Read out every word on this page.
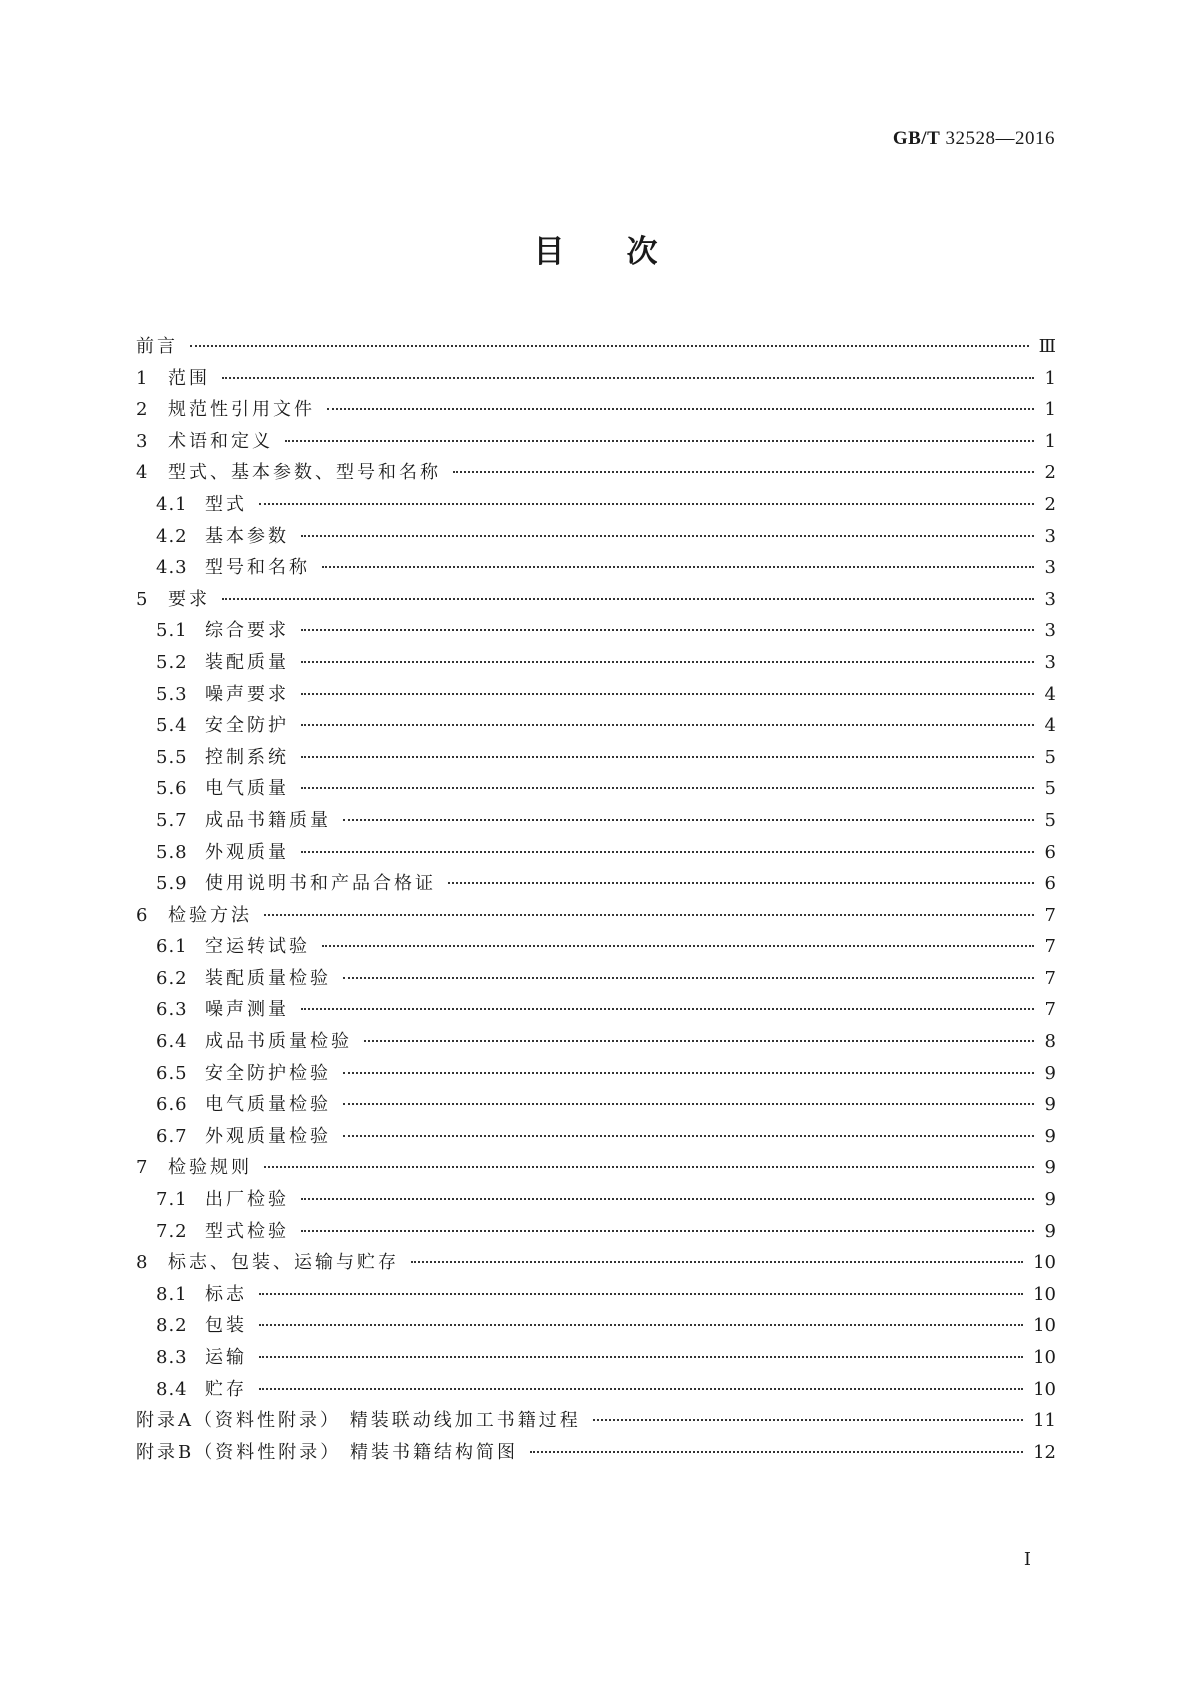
GB/T 32528—2016
目次
前言	Ⅲ
1	范围	1
2	规范性引用文件	1
3	术语和定义	1
4	型式、基本参数、型号和名称	2
4.1 型式	2
4.2 基本参数	3
4.3 型号和名称	3
5	要求	3
5.1 综合要求	3
5.2 装配质量	3
5.3 噪声要求	4
5.4 安全防护	4
5.5 控制系统	5
5.6 电气质量	5
5.7 成品书籍质量	5
5.8 外观质量	6
5.9 使用说明书和产品合格证	6
6	检验方法	7
6.1 空运转试验	7
6.2 装配质量检验	7
6.3 噪声测量	7
6.4 成品书质量检验	8
6.5 安全防护检验	9
6.6 电气质量检验	9
6.7 外观质量检验	9
7	检验规则	9
7.1 出厂检验	9
7.2 型式检验	9
8	标志、包装、运输与贮存	10
8.1 标志	10
8.2 包装	10
8.3 运输	10
8.4 贮存	10
附录A（资料性附录） 精装联动线加工书籍过程	11
附录B（资料性附录） 精装书籍结构简图	12
I
